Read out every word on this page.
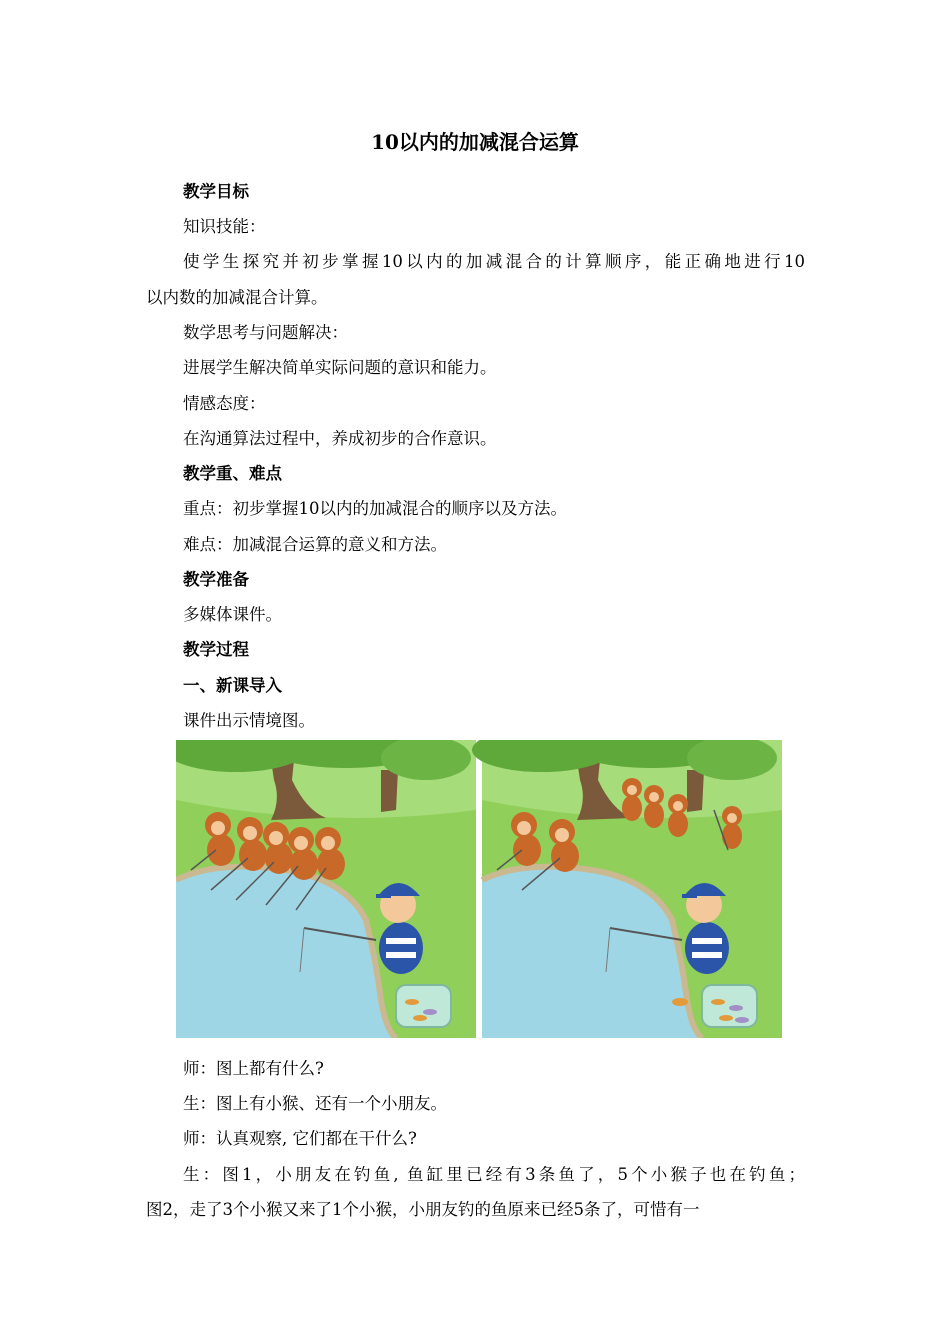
10以内的加减混合运算
教学目标
知识技能：
使学生探究并初步掌握10以内的加减混合的计算顺序，能正确地进行10
以内数的加减混合计算。
数学思考与问题解决：
进展学生解决简单实际问题的意识和能力。
情感态度：
在沟通算法过程中，养成初步的合作意识。
教学重、难点
重点：初步掌握10以内的加减混合的顺序以及方法。
难点：加减混合运算的意义和方法。
教学准备
多媒体课件。
教学过程
一、新课导入
课件出示情境图。
师：图上都有什么?
生：图上有小猴、还有一个小朋友。
师：认真观察, 它们都在干什么?
生：图1，小朋友在钓鱼, 鱼缸里已经有3条鱼了，5个小猴子也在钓鱼；
图2，走了3个小猴又来了1个小猴，小朋友钓的鱼原来已经5条了，可惜有一
